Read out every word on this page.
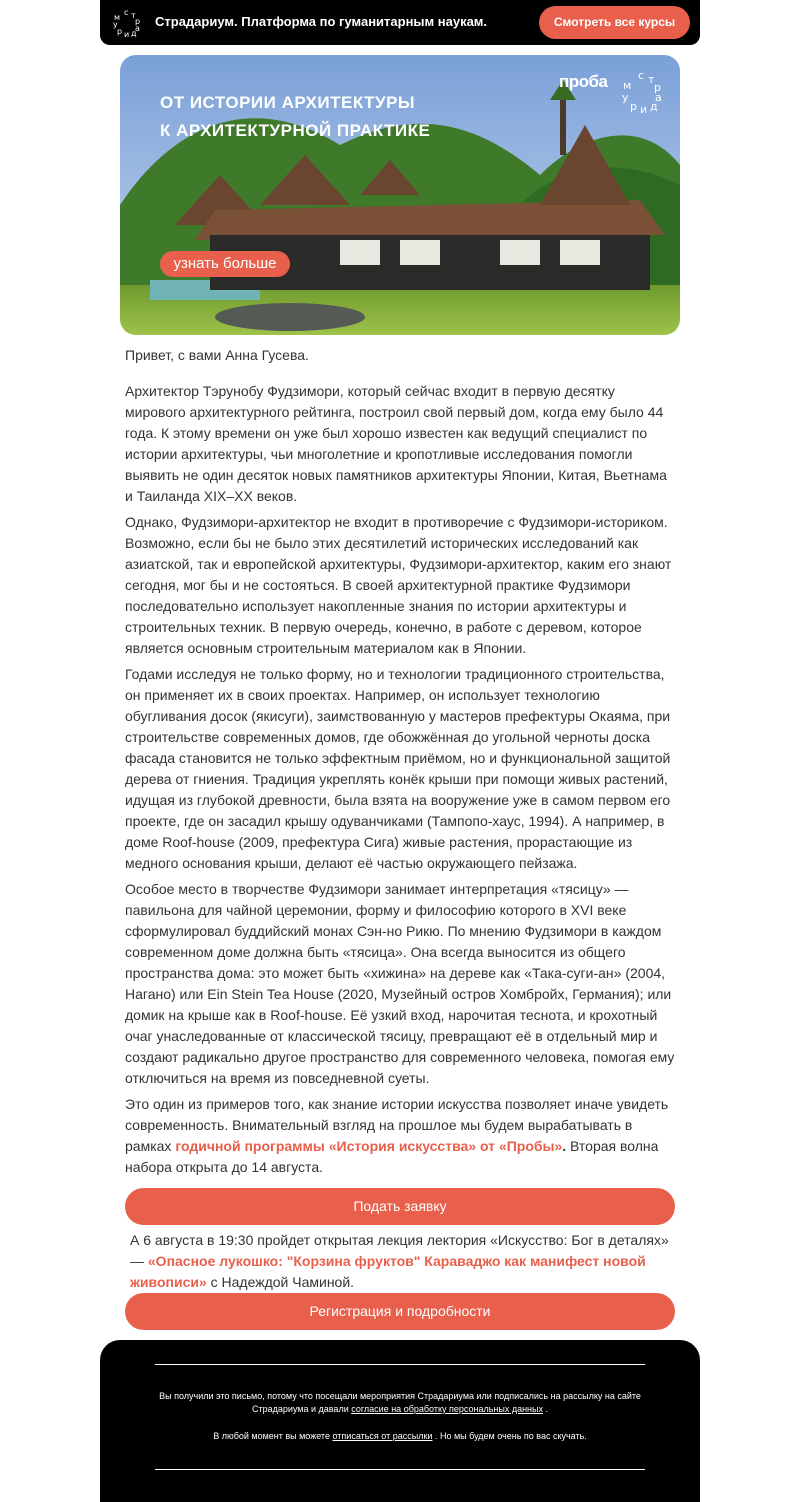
с т
р
а
д
и
р
у
м	Страдариум. Платформа по гуманитарным наукам.	Смотреть все курсы
ОТ ИСТОРИИ АРХИТЕКТУРЫ
К АРХИТЕКТУРНОЙ ПРАКТИКЕ
узнать больше
проба	с т
р
а
д
и
р
у
м

Привет, с вами Анна Гусева.

Архитектор Тэрунобу Фудзимори, который сейчас входит в первую десятку мирового архитектурного рейтинга, построил свой первый дом, когда ему было 44 года. К этому времени он уже был хорошо известен как ведущий специалист по истории архитектуры, чьи многолетние и кропотливые исследования помогли выявить не один десяток новых памятников архитектуры Японии, Китая, Вьетнама и Таиланда XIX–XX веков.

Однако, Фудзимори-архитектор не входит в противоречие с Фудзимори-историком. Возможно, если бы не было этих десятилетий исторических исследований как азиатской, так и европейской архитектуры, Фудзимори-архитектор, каким его знают сегодня, мог бы и не состояться. В своей архитектурной практике Фудзимори последовательно использует накопленные знания по истории архитектуры и строительных техник. В первую очередь, конечно, в работе с деревом, которое является основным строительным материалом как в Японии.

Годами исследуя не только форму, но и технологии традиционного строительства, он применяет их в своих проектах. Например, он использует технологию обугливания досок (якисуги), заимствованную у мастеров префектуры Окаяма, при строительстве современных домов, где обожжённая до угольной черноты доска фасада становится не только эффектным приёмом, но и функциональной защитой дерева от гниения. Традиция укреплять конёк крыши при помощи живых растений, идущая из глубокой древности, была взята на вооружение уже в самом первом его проекте, где он засадил крышу одуванчиками (Тампопо-хаус, 1994). А например, в доме Roof-house (2009, префектура Сига) живые растения, прорастающие из медного основания крыши, делают её частью окружающего пейзажа.

Особое место в творчестве Фудзимори занимает интерпретация «тясицу» — павильона для чайной церемонии, форму и философию которого в XVI веке сформулировал буддийский монах Сэн-но Рикю. По мнению Фудзимори в каждом современном доме должна быть «тясица». Она всегда выносится из общего пространства дома: это может быть «хижина» на дереве как «Така-суги-ан» (2004, Нагано) или Ein Stein Tea House (2020, Музейный остров Хомбройх, Германия); или домик на крыше как в Roof-house. Её узкий вход, нарочитая теснота, и крохотный очаг унаследованные от классической тясицу, превращают её в отдельный мир и создают радикально другое пространство для современного человека, помогая ему отключиться на время из повседневной суеты.

Это один из примеров того, как знание истории искусства позволяет иначе увидеть современность. Внимательный взгляд на прошлое мы будем вырабатывать в рамках годичной программы «История искусства» от «Пробы». Вторая волна набора открыта до 14 августа.

Подать заявку
А 6 августа в 19:30 пройдет открытая лекция лектория «Искусство: Бог в деталях» — «Опасное лукошко: "Корзина фруктов" Караваджо как манифест новой живописи» с Надеждой Чаминой.
Регистрация и подробности
Вы получили это письмо, потому что посещали мероприятия Страдариума или подписались на рассылку на сайте Страдариума и давали согласие на обработку персональных данных .
В любой момент вы можете отписаться от рассылки . Но мы будем очень по вас скучать.
